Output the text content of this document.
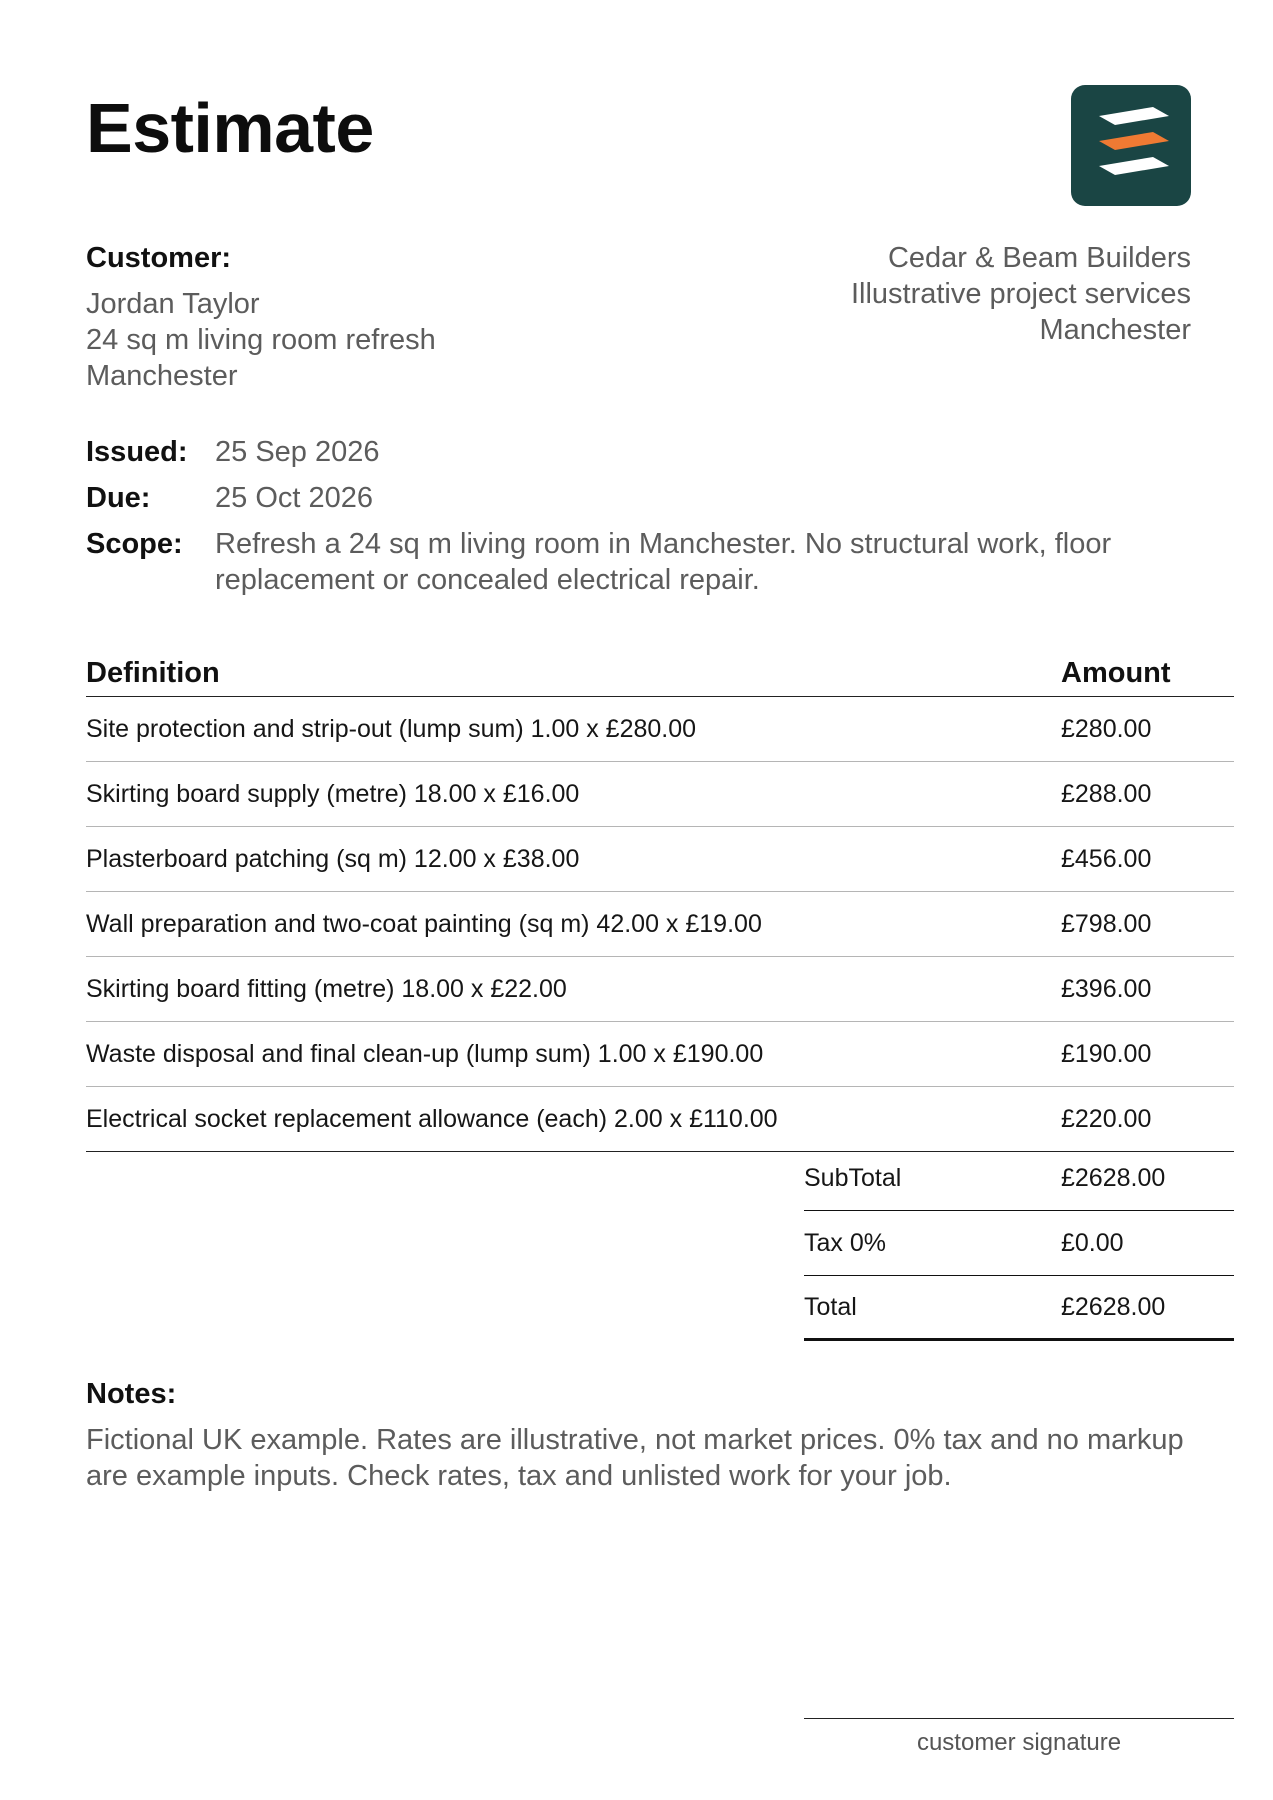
Estimate
Customer:
Jordan Taylor
24 sq m living room refresh
Manchester
Cedar & Beam Builders
Illustrative project services
Manchester
Issued: 25 Sep 2026
Due:	25 Oct 2026
Scope:	Refresh a 24 sq m living room in Manchester. No structural work, floor replacement or concealed electrical repair.
Definition	Amount
Site protection and strip-out (lump sum) 1.00 x £280.00	£280.00
Skirting board supply (metre) 18.00 x £16.00	£288.00
Plasterboard patching (sq m) 12.00 x £38.00	£456.00
Wall preparation and two-coat painting (sq m) 42.00 x £19.00	£798.00
Skirting board fitting (metre) 18.00 x £22.00	£396.00
Waste disposal and final clean-up (lump sum) 1.00 x £190.00	£190.00
Electrical socket replacement allowance (each) 2.00 x £110.00	£220.00
SubTotal	£2628.00
Tax 0%	£0.00
Total	£2628.00
Notes:
Fictional UK example. Rates are illustrative, not market prices. 0% tax and no markup are example inputs. Check rates, tax and unlisted work for your job.
customer signature
